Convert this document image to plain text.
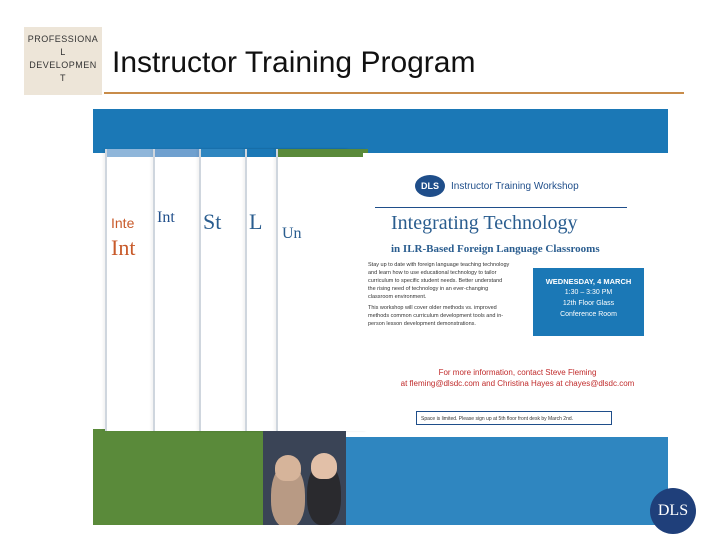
PROFESSIONA
L
DEVELOPMEN
T	Instructor Training Program
Inte
Int
Int St L Un
DLS	Instructor Training Workshop
Integrating Technology
in ILR-Based Foreign Language Classrooms
Stay up to date with foreign language teaching technology and learn how to use educational technology to tailor curriculum to specific student needs. Better understand the rising need of technology in an ever-changing classroom environment.
This workshop will cover older methods vs. improved methods common curriculum development tools and in-person lesson development demonstrations.
WEDNESDAY, 4 MARCH
1:30 – 3:30 PM
12th Floor Glass
Conference Room
For more information, contact Steve Fleming
at fleming@dlsdc.com and Christina Hayes at chayes@dlsdc.com
Space is limited. Please sign up at 5th floor front desk by March 2nd.
DLS
